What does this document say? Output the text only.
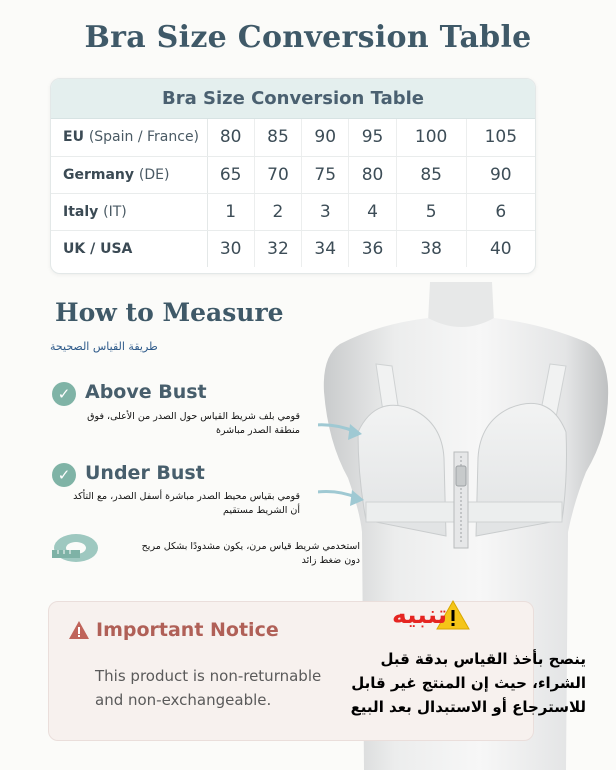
Bra Size Conversion Table
Bra Size Conversion Table
EU (Spain / France)	80	85	90	95	100	105
Germany (DE)	65	70	75	80	85	90
Italy (IT)	1	2	3	4	5	6
UK / USA	30	32	34	36	38	40
How to Measure
طريقة القياس الصحيحة
✓ Above Bust
قومي بلف شريط القياس حول الصدر من الأعلى، فوق منطقة الصدر مباشرة
✓ Under Bust
قومي بقياس محيط الصدر مباشرة أسفل الصدر، مع التأكد أن الشريط مستقيم
استخدمي شريط قياس مرن، يكون مشدودًا بشكل مريح دون ضغط زائد
Important Notice
This product is non-returnable and non-exchangeable.
تنبيه
ينصح بأخذ القياس بدقة قبل الشراء، حيث إن المنتج غير قابل للاسترجاع أو الاستبدال بعد البيع
